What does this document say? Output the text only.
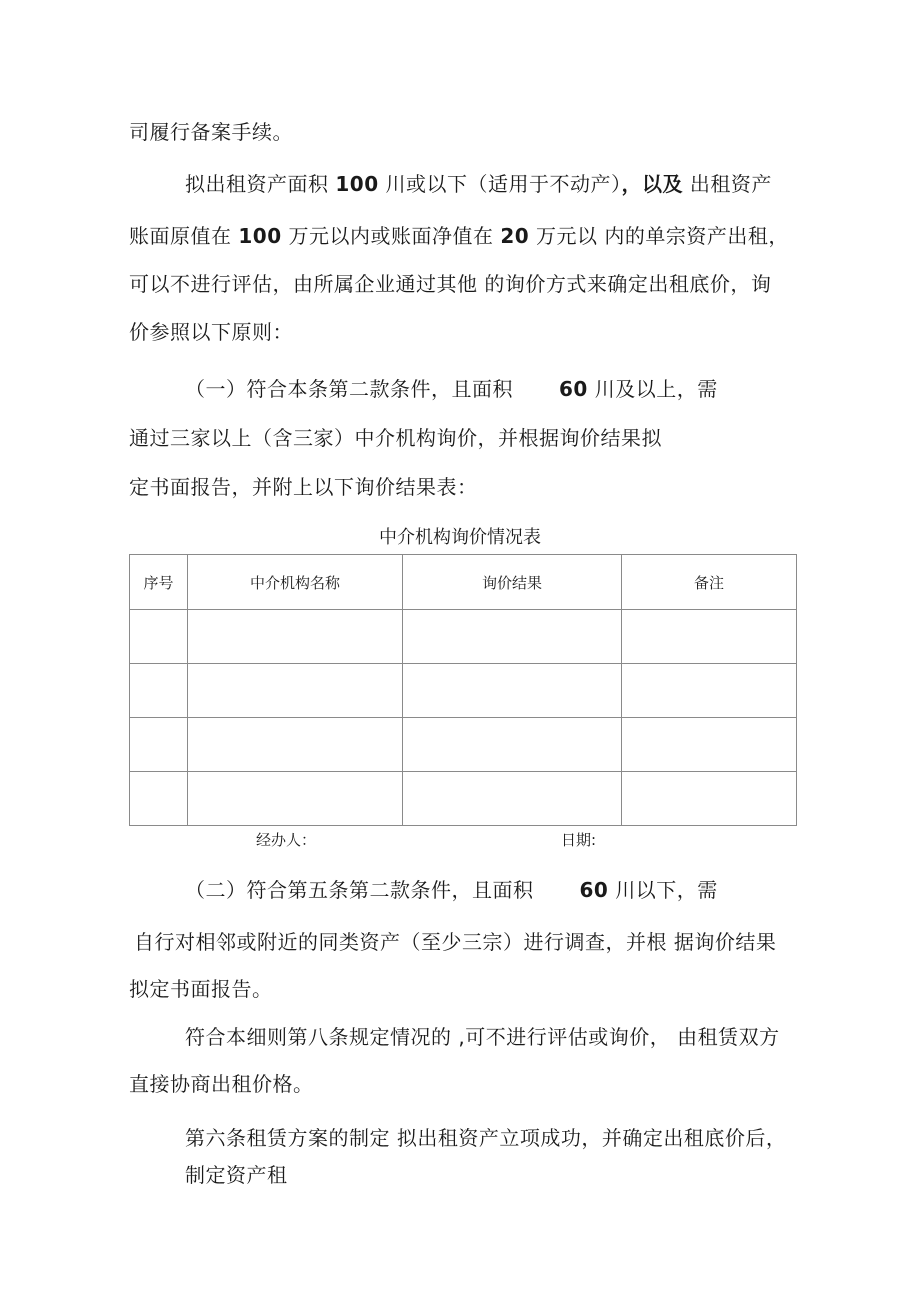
司履行备案手续。
拟出租资产面积 100 川或以下（适用于不动产），以及 出租资产
账面原值在 100 万元以内或账面净值在 20 万元以 内的单宗资产出租，
可以不进行评估，由所属企业通过其他 的询价方式来确定出租底价，询
价参照以下原则：
（一）符合本条第二款条件，且面积 60 川及以上，需
通过三家以上（含三家）中介机构询价，并根据询价结果拟
定书面报告，并附上以下询价结果表：
中介机构询价情况表
序号	中介机构名称	询价结果	备注

经办人：	日期:
（二）符合第五条第二款条件，且面积 60 川以下，需
自行对相邻或附近的同类资产（至少三宗）进行调查，并根 据询价结果
拟定书面报告。
符合本细则第八条规定情况的 ,可不进行评估或询价， 由租赁双方
直接协商出租价格。
第六条租赁方案的制定 拟出租资产立项成功，并确定出租底价后，
制定资产租
